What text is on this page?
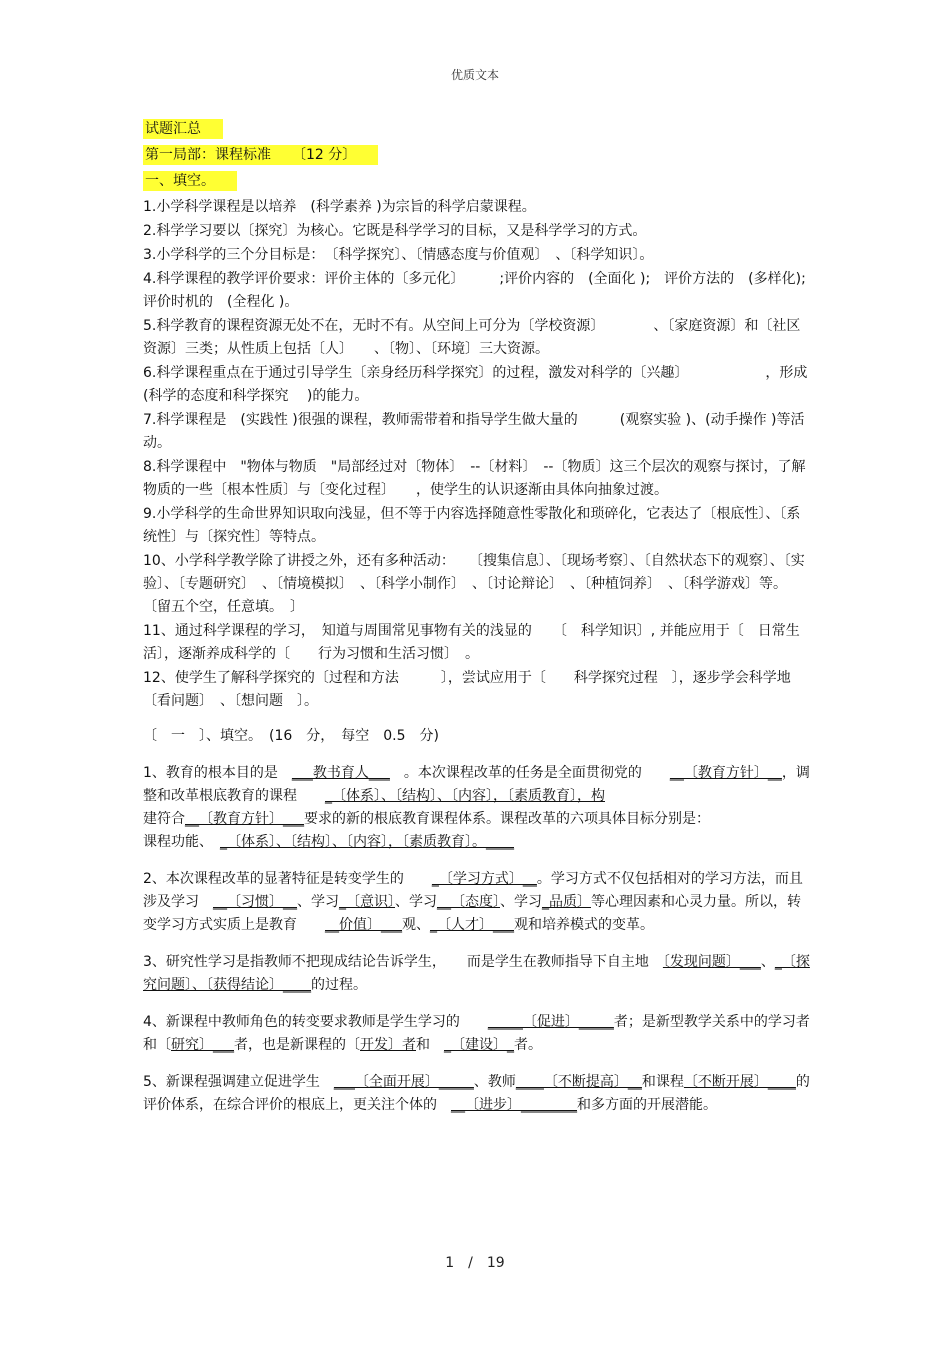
优质文本
试题汇总
第一局部：课程标准　　〔12 分〕
一、填空。

1.小学科学课程是以培养　(科学素养 )为宗旨的科学启蒙课程。

2.科学学习要以〔探究〕为核心。它既是科学学习的目标，又是科学学习的方式。

3.小学科学的三个分目标是：　〔科学探究〕、〔情感态度与价值观〕　、〔科学知识〕。

4.科学课程的教学评价要求：评价主体的〔多元化〕　　　;评价内容的　(全面化 );　评价方法的　(多样化);评价时机的　(全程化 )。

5.科学教育的课程资源无处不在，无时不有。从空间上可分为〔学校资源〕　　　　、〔家庭资源〕和〔社区资源〕三类；从性质上包括〔人〕　　、〔物〕、〔环境〕三大资源。

6.科学课程重点在于通过引导学生〔亲身经历科学探究〕的过程，激发对科学的〔兴趣〕　　　　　　，形成 (科学的态度和科学探究　 )的能力。

7.科学课程是　(实践性 )很强的课程，教师需带着和指导学生做大量的　　　(观察实验 )、(动手操作 )等活动。

8.科学课程中　"物体与物质　"局部经过对〔物体〕　--〔材料〕　--〔物质〕这三个层次的观察与探讨，了解物质的一些〔根本性质〕与〔变化过程〕　　，使学生的认识逐渐由具体向抽象过渡。

9.小学科学的生命世界知识取向浅显，但不等于内容选择随意性零散化和琐碎化，它表达了〔根底性〕、〔系统性〕与〔探究性〕等特点。

10、小学科学教学除了讲授之外，还有多种活动：　　〔搜集信息〕、〔现场考察〕、〔自然状态下的观察〕、〔实验〕、〔专题研究〕　、〔情境模拟〕　、〔科学小制作〕　、〔讨论辩论〕　、〔种植饲养〕　、〔科学游戏〕等。　〔留五个空，任意填。　〕

11、通过科学课程的学习，　知道与周围常见事物有关的浅显的　　〔　科学知识〕, 并能应用于〔　日常生活〕，逐渐养成科学的〔　　行为习惯和生活习惯〕　。

12、使学生了解科学探究的〔过程和方法　　　〕，尝试应用于〔　　科学探究过程　〕，逐步学会科学地〔看问题〕　、〔想问题　〕。

〔　一　〕、填空。　(16　分，　每空　0.5　分)

1、教育的根本目的是　___教书育人___　。本次课程改革的任务是全面贯彻党的　　__〔教育方针〕__，调整和改革根底教育的课程　　_〔体系〕、〔结构〕、〔内容〕，〔素质教育〕，构
建符合__〔教育方针〕___要求的新的根底教育课程体系。课程改革的六项具体目标分别是：
课程功能、　_〔体系〕、〔结构〕、〔内容〕，〔素质教育〕。____

2、本次课程改革的显著特征是转变学生的　　_〔学习方式〕__。学习方式不仅包括相对的学习方法，而且涉及学习　__〔习惯〕__、学习_〔意识〕、学习__〔态度〕、学习_品质〕等心理因素和心灵力量。所以，转变学习方式实质上是教育　　__价值〕___观、_〔人才〕___观和培养模式的变革。

3、研究性学习是指教师不把现成结论告诉学生，　　而是学生在教师指导下自主地　〔发现问题〕___、_〔探究问题〕、〔获得结论〕____的过程。

4、新课程中教师角色的转变要求教师是学生学习的　　_____〔促进〕_____者；是新型教学关系中的学习者和〔研究〕___者，也是新课程的〔开发〕者和　_〔建设〕_者。

5、新课程强调建立促进学生　___〔全面开展〕_____、教师____〔不断提高〕__和课程〔不断开展〕____的评价体系，在综合评价的根底上，更关注个体的　__〔进步〕________和多方面的开展潜能。

1　/　19
